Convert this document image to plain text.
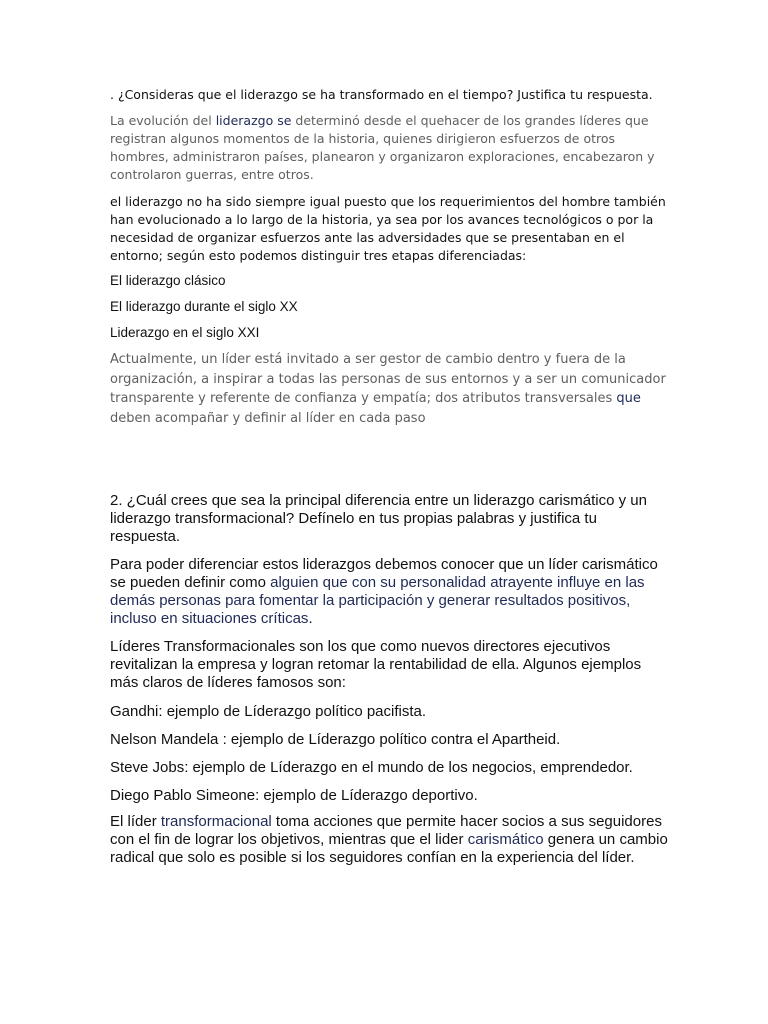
. ¿Consideras que el liderazgo se ha transformado en el tiempo? Justifica tu respuesta.

La evolución del liderazgo se determinó desde el quehacer de los grandes líderes que registran algunos momentos de la historia, quienes dirigieron esfuerzos de otros hombres, administraron países, planearon y organizaron exploraciones, encabezaron y controlaron guerras, entre otros.

el liderazgo no ha sido siempre igual puesto que los requerimientos del hombre también han evolucionado a lo largo de la historia, ya sea por los avances tecnológicos o por la necesidad de organizar esfuerzos ante las adversidades que se presentaban en el entorno; según esto podemos distinguir tres etapas diferenciadas:

El liderazgo clásico

El liderazgo durante el siglo XX

Liderazgo en el siglo XXI

Actualmente, un líder está invitado a ser gestor de cambio dentro y fuera de la organización, a inspirar a todas las personas de sus entornos y a ser un comunicador transparente y referente de confianza y empatía; dos atributos transversales que deben acompañar y definir al líder en cada paso

2. ¿Cuál crees que sea la principal diferencia entre un liderazgo carismático y un liderazgo transformacional? Defínelo en tus propias palabras y justifica tu respuesta.

Para poder diferenciar estos liderazgos debemos conocer que un líder carismático se pueden definir como alguien que con su personalidad atrayente influye en las demás personas para fomentar la participación y generar resultados positivos, incluso en situaciones críticas.

Líderes Transformacionales son los que como nuevos directores ejecutivos revitalizan la empresa y logran retomar la rentabilidad de ella. Algunos ejemplos más claros de líderes famosos son:

Gandhi: ejemplo de Líderazgo político pacifista.

Nelson Mandela : ejemplo de Líderazgo político contra el Apartheid.

Steve Jobs: ejemplo de Líderazgo en el mundo de los negocios, emprendedor.

Diego Pablo Simeone: ejemplo de Líderazgo deportivo.

El líder transformacional toma acciones que permite hacer socios a sus seguidores con el fin de lograr los objetivos, mientras que el lider carismático genera un cambio radical que solo es posible si los seguidores confían en la experiencia del líder.
